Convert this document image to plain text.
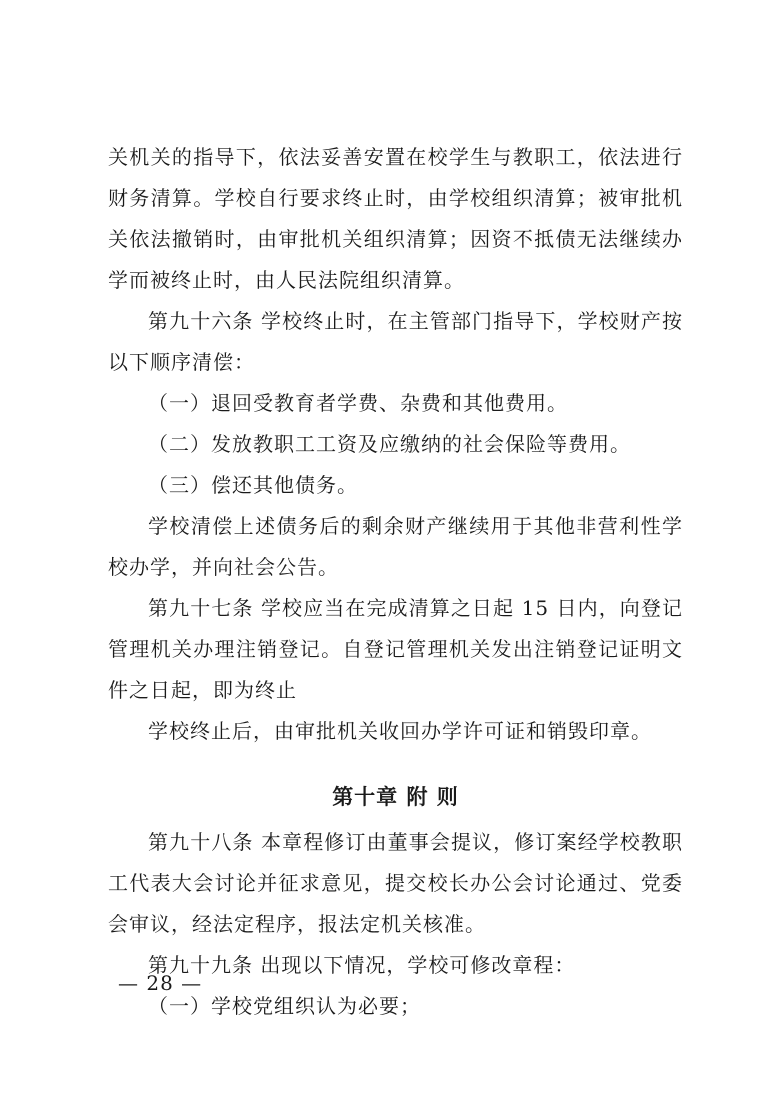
关机关的指导下，依法妥善安置在校学生与教职工，依法进行财务清算。学校自行要求终止时，由学校组织清算；被审批机关依法撤销时，由审批机关组织清算；因资不抵债无法继续办学而被终止时，由人民法院组织清算。

第九十六条 学校终止时，在主管部门指导下，学校财产按以下顺序清偿：

（一）退回受教育者学费、杂费和其他费用。

（二）发放教职工工资及应缴纳的社会保险等费用。

（三）偿还其他债务。

学校清偿上述债务后的剩余财产继续用于其他非营利性学校办学，并向社会公告。

第九十七条 学校应当在完成清算之日起 15 日内，向登记管理机关办理注销登记。自登记管理机关发出注销登记证明文件之日起，即为终止

学校终止后，由审批机关收回办学许可证和销毁印章。

第十章 附 则

第九十八条 本章程修订由董事会提议，修订案经学校教职工代表大会讨论并征求意见，提交校长办公会讨论通过、党委会审议，经法定程序，报法定机关核准。

第九十九条 出现以下情况，学校可修改章程：

（一）学校党组织认为必要；

— 28 —
